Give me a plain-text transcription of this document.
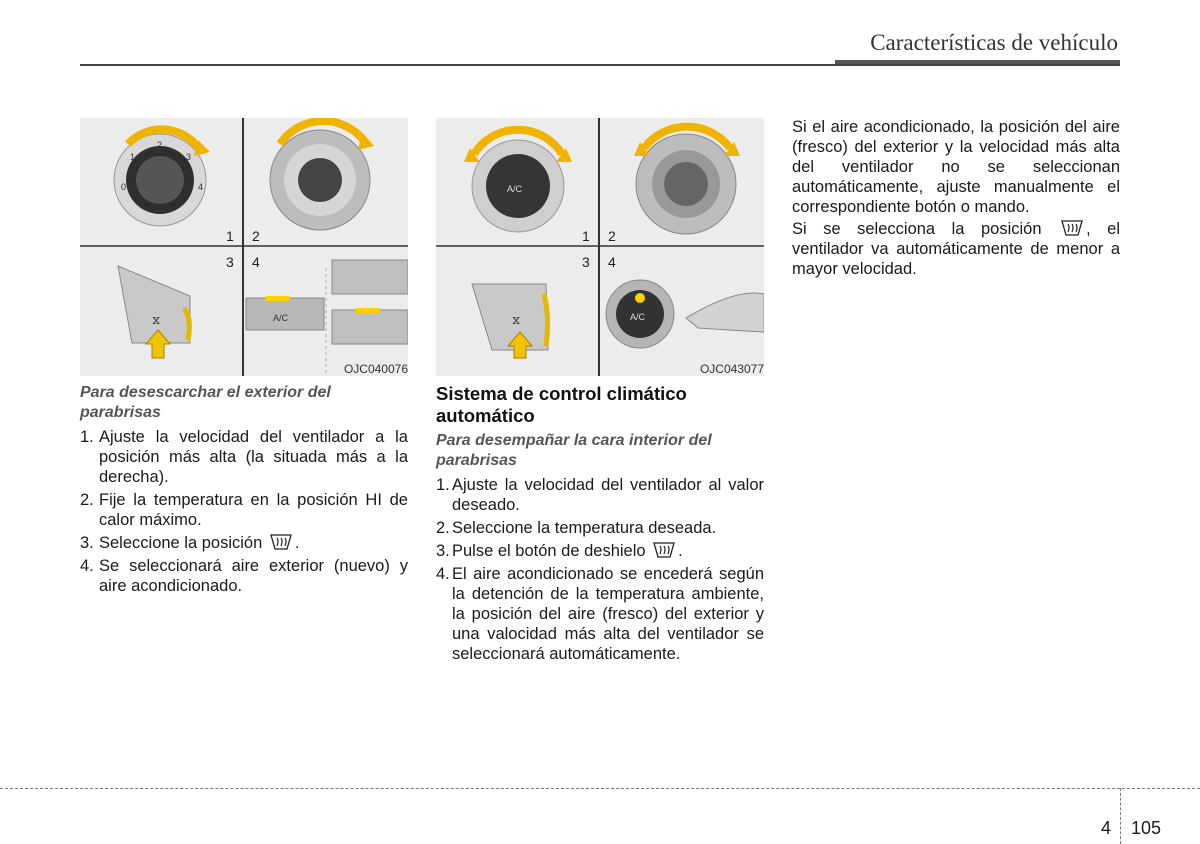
Características de vehículo
0
1
2
3
4
⧖	A/C
1 2
3 4
OJC040076
A/C
⧖	A/C
1 2
3 4
OJC043077
Para desescarchar el exterior del parabrisas
1. Ajuste la velocidad del ventilador a la posición más alta (la situada más a la derecha).
2. Fije la temperatura en la posición HI de calor máximo.
3. Seleccione la posición .
4. Se seleccionará aire exterior (nuevo) y aire acondicionado.
Sistema de control climático automático
Para desempañar la cara interior del parabrisas
1. Ajuste la velocidad del ventilador al valor deseado.
2. Seleccione la temperatura deseada.
3. Pulse el botón de deshielo .
4. El aire acondicionado se encederá según la detención de la temperatura ambiente, la posición del aire (fresco) del exterior y una valocidad más alta del ventilador se seleccionará automáticamente.

Si el aire acondicionado, la posición del aire (fresco) del exterior y la velocidad más alta del ventilador no se seleccionan automáticamente, ajuste manualmente el correspondiente botón o mando.

Si se selecciona la posición	, el ventilador va automáticamente de menor a mayor velocidad.

4 105
